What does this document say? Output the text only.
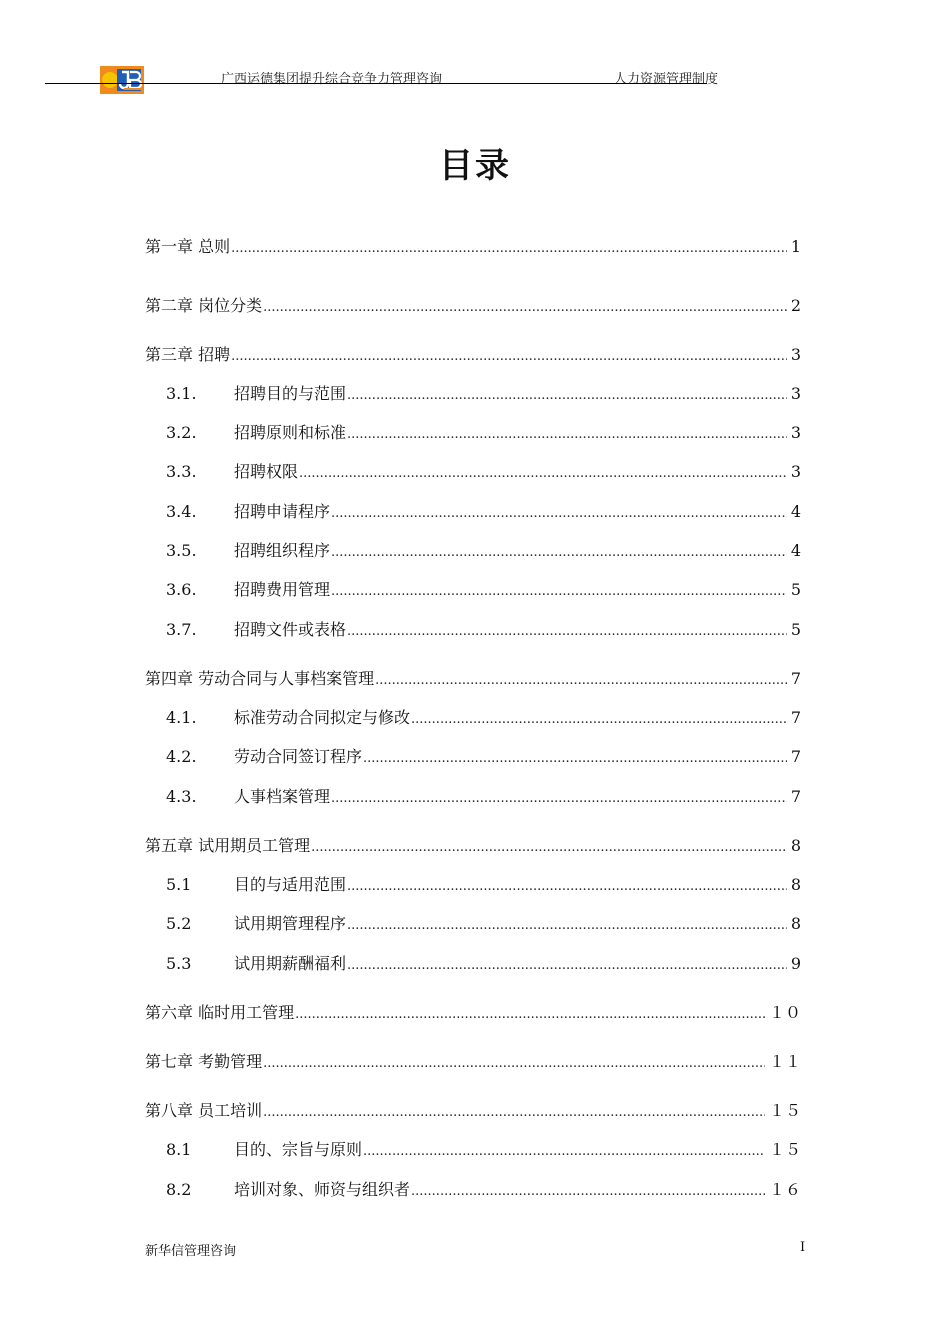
广西运德集团提升综合竞争力管理咨询	人力资源管理制度
目录
第一章 总则 .....	1
第二章 岗位分类 .....	2
第三章 招聘 .....	3
3.1.	招聘目的与范围 .....	3
3.2.	招聘原则和标准 .....	3
3.3.	招聘权限 .....	3
3.4.	招聘申请程序 .....	4
3.5.	招聘组织程序 .....	4
3.6.	招聘费用管理 .....	5
3.7.	招聘文件或表格 .....	5
第四章 劳动合同与人事档案管理 .....	7
4.1.	标准劳动合同拟定与修改 .....	7
4.2.	劳动合同签订程序 .....	7
4.3.	人事档案管理 .....	7
第五章 试用期员工管理 .....	8
5.1	目的与适用范围 .....	8
5.2	试用期管理程序 .....	8
5.3	试用期薪酬福利 .....	9
第六章 临时用工管理 .....	１０
第七章 考勤管理 .....	１１
第八章 员工培训 .....	１５
8.1	目的、宗旨与原则 .....	１５
8.2	培训对象、师资与组织者 .....	１６
新华信管理咨询	I
